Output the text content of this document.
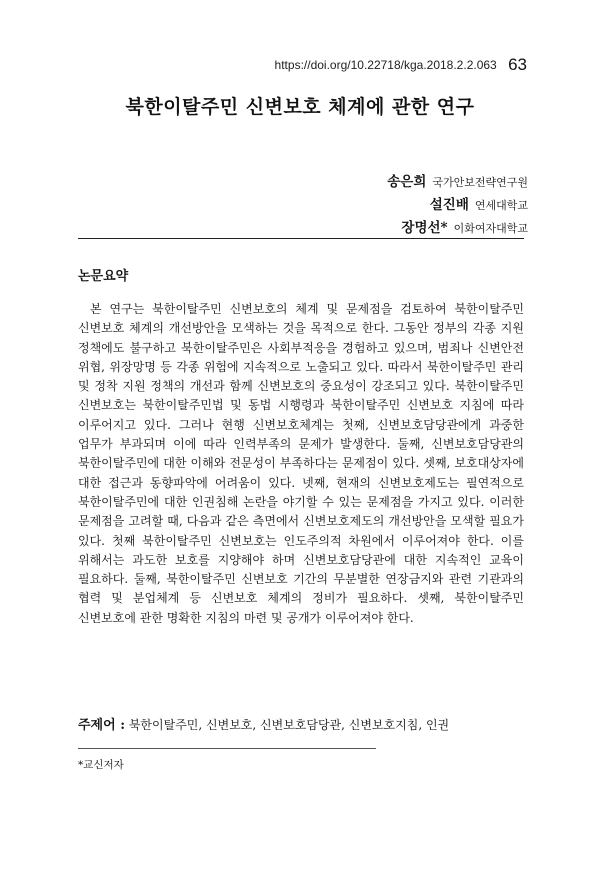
https://doi.org/10.22718/kga.2018.2.2.063 63
북한이탈주민 신변보호 체계에 관한 연구
송은희 국가안보전략연구원
설진배 연세대학교
장명선* 이화여자대학교
논문요약

본 연구는 북한이탈주민 신변보호의 체계 및 문제점을 검토하여 북한이탈주민 신변보호 체계의 개선방안을 모색하는 것을 목적으로 한다. 그동안 정부의 각종 지원 정책에도 불구하고 북한이탈주민은 사회부적응을 경험하고 있으며, 범죄나 신변안전 위협, 위장망명 등 각종 위험에 지속적으로 노출되고 있다. 따라서 북한이탈주민 관리 및 정착 지원 정책의 개선과 함께 신변보호의 중요성이 강조되고 있다. 북한이탈주민 신변보호는 북한이탈주민법 및 동법 시행령과 북한이탈주민 신변보호 지침에 따라 이루어지고 있다. 그러나 현행 신변보호체계는 첫째, 신변보호담당관에게 과중한 업무가 부과되며 이에 따라 인력부족의 문제가 발생한다. 둘째, 신변보호담당관의 북한이탈주민에 대한 이해와 전문성이 부족하다는 문제점이 있다. 셋째, 보호대상자에 대한 접근과 동향파악에 어려움이 있다. 넷째, 현재의 신변보호제도는 필연적으로 북한이탈주민에 대한 인권침해 논란을 야기할 수 있는 문제점을 가지고 있다. 이러한 문제점을 고려할 때, 다음과 같은 측면에서 신변보호제도의 개선방안을 모색할 필요가 있다. 첫째 북한이탈주민 신변보호는 인도주의적 차원에서 이루어져야 한다. 이를 위해서는 과도한 보호를 지양해야 하며 신변보호담당관에 대한 지속적인 교육이 필요하다. 둘째, 북한이탈주민 신변보호 기간의 무분별한 연장금지와 관련 기관과의 협력 및 분업체계 등 신변보호 체계의 정비가 필요하다. 셋째, 북한이탈주민 신변보호에 관한 명확한 지침의 마련 및 공개가 이루어져야 한다.

주제어 : 북한이탈주민, 신변보호, 신변보호담당관, 신변보호지침, 인권
*교신저자
